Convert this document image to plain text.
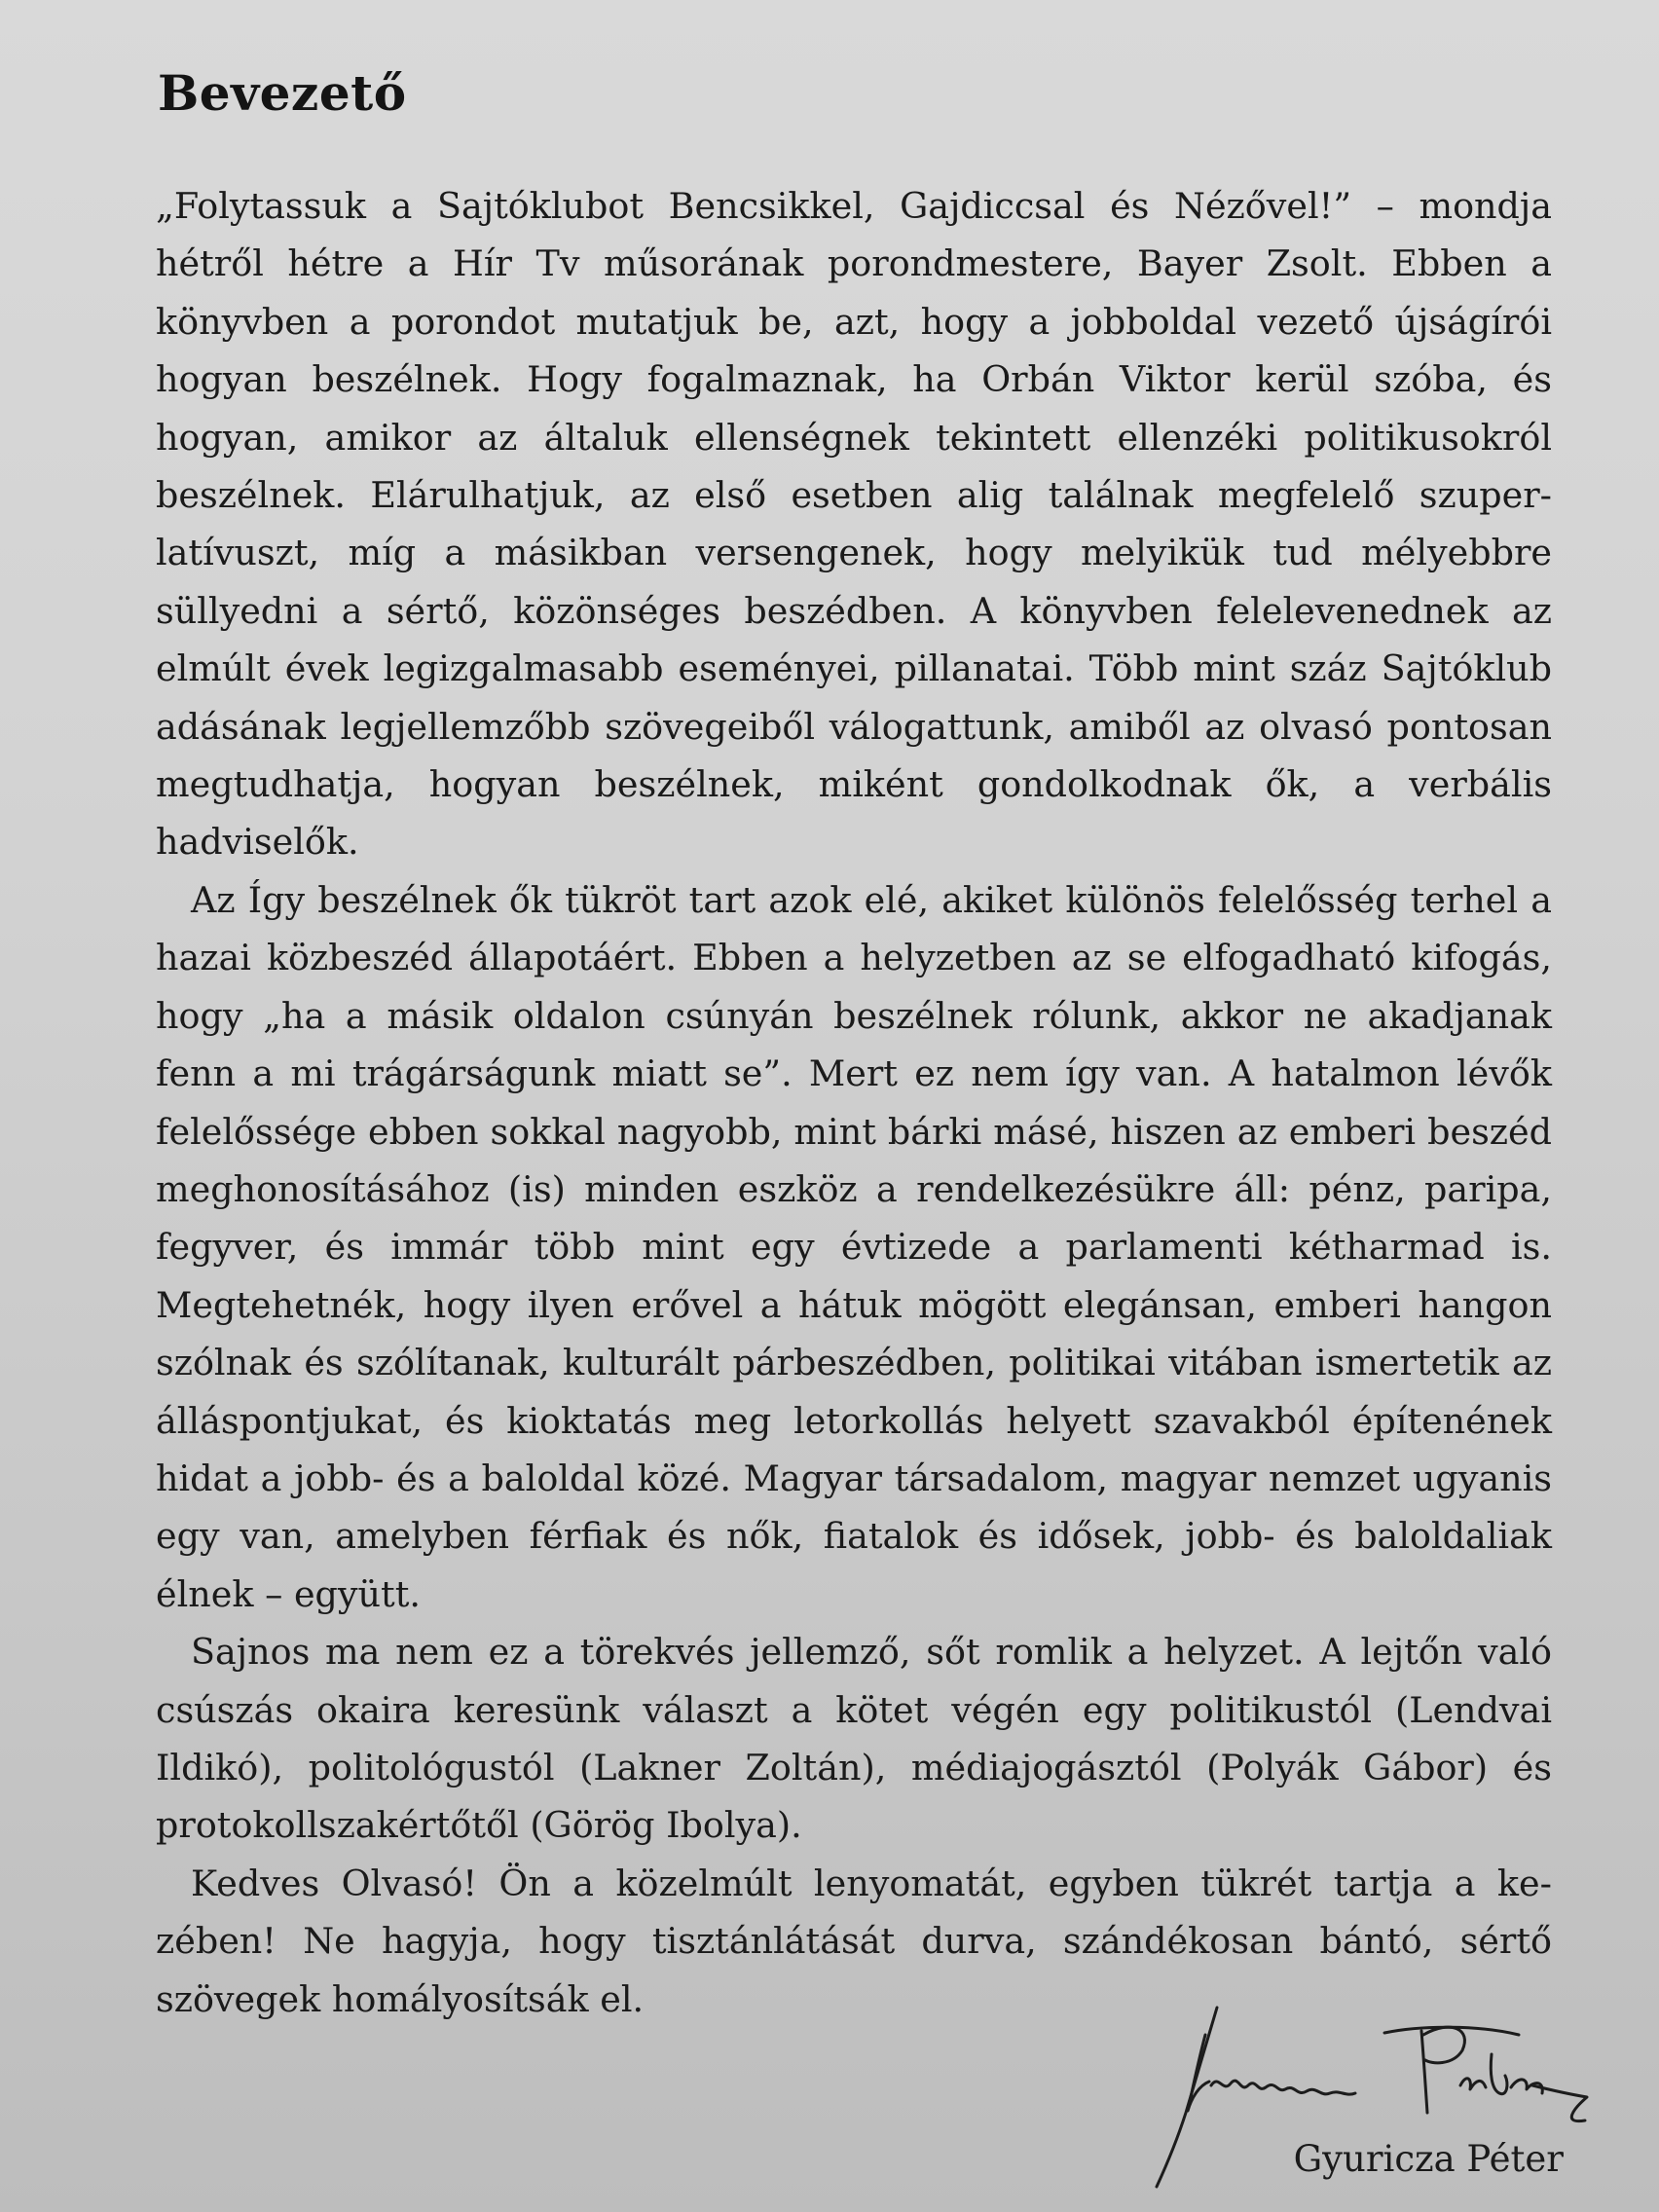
Bevezető

„Folytassuk a Sajtóklubot Bencsikkel, Gajdiccsal és Nézővel!” – mondja hétről hétre a Hír Tv műsorának porondmestere, Bayer Zsolt. Ebben a könyvben a porondot mutatjuk be, azt, hogy a jobboldal vezető újságírói hogyan beszélnek. Hogy fogalmaznak, ha Orbán Viktor kerül szóba, és hogyan, amikor az általuk ellenségnek tekintett ellenzéki politikusokról beszélnek. Elárulhatjuk, az első esetben alig találnak megfelelő szuperlatívuszt, míg a másikban versengenek, hogy melyikük tud mélyebbre süllyedni a sértő, közönséges beszédben. A könyvben felelevenednek az elmúlt évek legizgalmasabb eseményei, pillanatai. Több mint száz Sajtóklub adásának legjellemzőbb szövegeiből válogattunk, amiből az olvasó pontosan megtudhatja, hogyan beszélnek, miként gondolkodnak ők, a verbális hadviselők.

Az Így beszélnek ők tükröt tart azok elé, akiket különös felelősség terhel a hazai közbeszéd állapotáért. Ebben a helyzetben az se elfogadható kifogás, hogy „ha a másik oldalon csúnyán beszélnek rólunk, akkor ne akadjanak fenn a mi trágárságunk miatt se”. Mert ez nem így van. A hatalmon lévők felelőssége ebben sokkal nagyobb, mint bárki másé, hiszen az emberi beszéd meghonosításához (is) minden eszköz a rendelkezésükre áll: pénz, paripa, fegyver, és immár több mint egy évtizede a parlamenti kétharmad is. Megtehetnék, hogy ilyen erővel a hátuk mögött elegánsan, emberi hangon szólnak és szólítanak, kulturált párbeszédben, politikai vitában ismertetik az álláspontjukat, és kioktatás meg letorkollás helyett szavakból építenének hidat a jobb- és a baloldal közé. Magyar társadalom, magyar nemzet ugyanis egy van, amelyben férfiak és nők, fiatalok és idősek, jobb- és baloldaliak élnek – együtt.

Sajnos ma nem ez a törekvés jellemző, sőt romlik a helyzet. A lejtőn való csúszás okaira keresünk választ a kötet végén egy politikustól (Lendvai Ildikó), politológustól (Lakner Zoltán), médiajogásztól (Polyák Gábor) és protokollszakértőtől (Görög Ibolya).

Kedves Olvasó! Ön a közelmúlt lenyomatát, egyben tükrét tartja a kezében! Ne hagyja, hogy tisztánlátását durva, szándékosan bántó, sértő szövegek homályosítsák el.

Gyuricza Péter
